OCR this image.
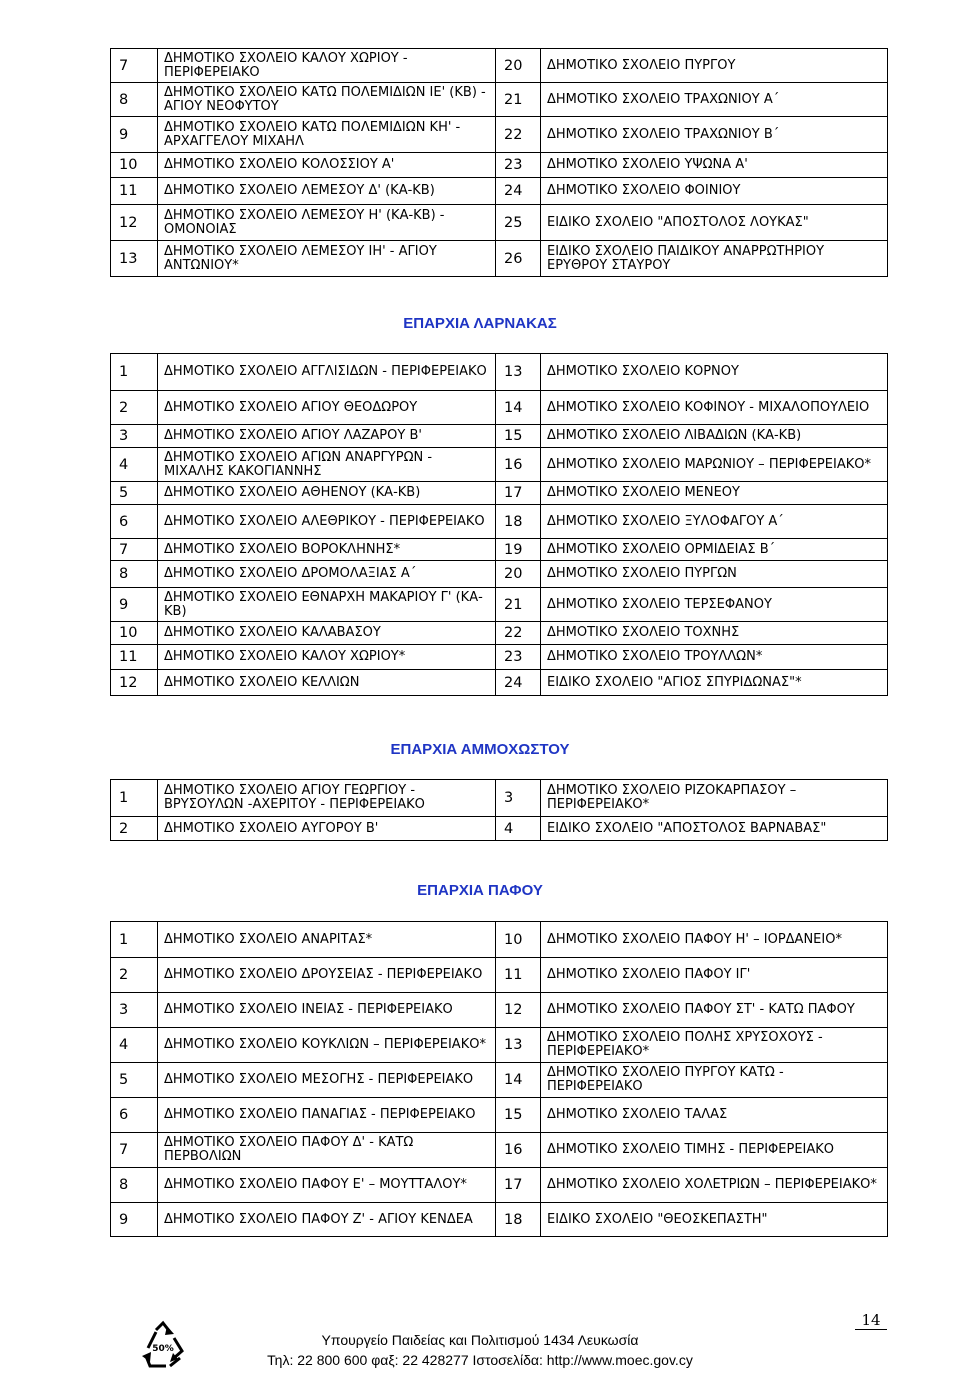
7	ΔΗΜΟΤΙΚΟ ΣΧΟΛΕΙΟ ΚΑΛΟΥ ΧΩΡΙΟΥ - ΠΕΡΙΦΕΡΕΙΑΚΟ	20	ΔΗΜΟΤΙΚΟ ΣΧΟΛΕΙΟ ΠΥΡΓΟΥ
8	ΔΗΜΟΤΙΚΟ ΣΧΟΛΕΙΟ ΚΑΤΩ ΠΟΛΕΜΙΔΙΩΝ ΙΕ' (ΚΒ) - ΑΓΙΟΥ ΝΕΟΦΥΤΟΥ	21	ΔΗΜΟΤΙΚΟ ΣΧΟΛΕΙΟ ΤΡΑΧΩΝΙΟΥ Α΄
9	ΔΗΜΟΤΙΚΟ ΣΧΟΛΕΙΟ ΚΑΤΩ ΠΟΛΕΜΙΔΙΩΝ ΚΗ' - ΑΡΧΑΓΓΕΛΟΥ ΜΙΧΑΗΛ	22	ΔΗΜΟΤΙΚΟ ΣΧΟΛΕΙΟ ΤΡΑΧΩΝΙΟΥ Β΄
10	ΔΗΜΟΤΙΚΟ ΣΧΟΛΕΙΟ ΚΟΛΟΣΣΙΟΥ Α'	23	ΔΗΜΟΤΙΚΟ ΣΧΟΛΕΙΟ ΥΨΩΝΑ Α'
11	ΔΗΜΟΤΙΚΟ ΣΧΟΛΕΙΟ ΛΕΜΕΣΟΥ Δ' (ΚΑ-ΚΒ)	24	ΔΗΜΟΤΙΚΟ ΣΧΟΛΕΙΟ ΦΟΙΝΙΟΥ
12	ΔΗΜΟΤΙΚΟ ΣΧΟΛΕΙΟ ΛΕΜΕΣΟΥ Η' (ΚΑ-ΚΒ) - ΟΜΟΝΟΙΑΣ	25	ΕΙΔΙΚΟ ΣΧΟΛΕΙΟ "ΑΠΟΣΤΟΛΟΣ ΛΟΥΚΑΣ"
13	ΔΗΜΟΤΙΚΟ ΣΧΟΛΕΙΟ ΛΕΜΕΣΟΥ ΙΗ' - ΑΓΙΟΥ ΑΝΤΩΝΙΟΥ*	26	ΕΙΔΙΚΟ ΣΧΟΛΕΙΟ ΠΑΙΔΙΚΟΥ ΑΝΑΡΡΩΤΗΡΙΟΥ ΕΡΥΘΡΟΥ ΣΤΑΥΡΟΥ
ΕΠΑΡΧΙΑ ΛΑΡΝΑΚΑΣ
1	ΔΗΜΟΤΙΚΟ ΣΧΟΛΕΙΟ ΑΓΓΛΙΣΙΔΩΝ - ΠΕΡΙΦΕΡΕΙΑΚΟ	13	ΔΗΜΟΤΙΚΟ ΣΧΟΛΕΙΟ ΚΟΡΝΟΥ
2	ΔΗΜΟΤΙΚΟ ΣΧΟΛΕΙΟ ΑΓΙΟΥ ΘΕΟΔΩΡΟΥ	14	ΔΗΜΟΤΙΚΟ ΣΧΟΛΕΙΟ ΚΟΦΙΝΟΥ - ΜΙΧΑΛΟΠΟΥΛΕΙΟ
3	ΔΗΜΟΤΙΚΟ ΣΧΟΛΕΙΟ ΑΓΙΟΥ ΛΑΖΑΡΟΥ Β'	15	ΔΗΜΟΤΙΚΟ ΣΧΟΛΕΙΟ ΛΙΒΑΔΙΩΝ (ΚΑ-ΚΒ)
4	ΔΗΜΟΤΙΚΟ ΣΧΟΛΕΙΟ ΑΓΙΩΝ ΑΝΑΡΓΥΡΩΝ - ΜΙΧΑΛΗΣ ΚΑΚΟΓΙΑΝΝΗΣ	16	ΔΗΜΟΤΙΚΟ ΣΧΟΛΕΙΟ ΜΑΡΩΝΙΟΥ – ΠΕΡΙΦΕΡΕΙΑΚΟ*
5	ΔΗΜΟΤΙΚΟ ΣΧΟΛΕΙΟ ΑΘΗΕΝΟΥ (ΚΑ-ΚΒ)	17	ΔΗΜΟΤΙΚΟ ΣΧΟΛΕΙΟ ΜΕΝΕΟΥ
6	ΔΗΜΟΤΙΚΟ ΣΧΟΛΕΙΟ ΑΛΕΘΡΙΚΟΥ - ΠΕΡΙΦΕΡΕΙΑΚΟ	18	ΔΗΜΟΤΙΚΟ ΣΧΟΛΕΙΟ ΞΥΛΟΦΑΓΟΥ Α΄
7	ΔΗΜΟΤΙΚΟ ΣΧΟΛΕΙΟ ΒΟΡΟΚΛΗΝΗΣ*	19	ΔΗΜΟΤΙΚΟ ΣΧΟΛΕΙΟ ΟΡΜΙΔΕΙΑΣ Β΄
8	ΔΗΜΟΤΙΚΟ ΣΧΟΛΕΙΟ ΔΡΟΜΟΛΑΞΙΑΣ Α΄	20	ΔΗΜΟΤΙΚΟ ΣΧΟΛΕΙΟ ΠΥΡΓΩΝ
9	ΔΗΜΟΤΙΚΟ ΣΧΟΛΕΙΟ ΕΘΝΑΡΧΗ ΜΑΚΑΡΙΟΥ Γ' (ΚΑ-ΚΒ)	21	ΔΗΜΟΤΙΚΟ ΣΧΟΛΕΙΟ ΤΕΡΣΕΦΑΝΟΥ
10	ΔΗΜΟΤΙΚΟ ΣΧΟΛΕΙΟ ΚΑΛΑΒΑΣΟΥ	22	ΔΗΜΟΤΙΚΟ ΣΧΟΛΕΙΟ ΤΟΧΝΗΣ
11	ΔΗΜΟΤΙΚΟ ΣΧΟΛΕΙΟ ΚΑΛΟΥ ΧΩΡΙΟΥ*	23	ΔΗΜΟΤΙΚΟ ΣΧΟΛΕΙΟ ΤΡΟΥΛΛΩΝ*
12	ΔΗΜΟΤΙΚΟ ΣΧΟΛΕΙΟ ΚΕΛΛΙΩΝ	24	ΕΙΔΙΚΟ ΣΧΟΛΕΙΟ "ΑΓΙΟΣ ΣΠΥΡΙΔΩΝΑΣ"*
ΕΠΑΡΧΙΑ ΑΜΜΟΧΩΣΤΟΥ
1	ΔΗΜΟΤΙΚΟ ΣΧΟΛΕΙΟ ΑΓΙΟΥ ΓΕΩΡΓΙΟΥ - ΒΡΥΣΟΥΛΩΝ -ΑΧΕΡΙΤΟΥ - ΠΕΡΙΦΕΡΕΙΑΚΟ	3	ΔΗΜΟΤΙΚΟ ΣΧΟΛΕΙΟ ΡΙΖΟΚΑΡΠΑΣΟΥ – ΠΕΡΙΦΕΡΕΙΑΚΟ*
2	ΔΗΜΟΤΙΚΟ ΣΧΟΛΕΙΟ ΑΥΓΟΡΟΥ Β'	4	ΕΙΔΙΚΟ ΣΧΟΛΕΙΟ "ΑΠΟΣΤΟΛΟΣ ΒΑΡΝΑΒΑΣ"
ΕΠΑΡΧΙΑ ΠΑΦΟΥ
1	ΔΗΜΟΤΙΚΟ ΣΧΟΛΕΙΟ ΑΝΑΡΙΤΑΣ*	10	ΔΗΜΟΤΙΚΟ ΣΧΟΛΕΙΟ ΠΑΦΟΥ Η' – ΙΟΡΔΑΝΕΙΟ*
2	ΔΗΜΟΤΙΚΟ ΣΧΟΛΕΙΟ ΔΡΟΥΣΕΙΑΣ - ΠΕΡΙΦΕΡΕΙΑΚΟ	11	ΔΗΜΟΤΙΚΟ ΣΧΟΛΕΙΟ ΠΑΦΟΥ ΙΓ'
3	ΔΗΜΟΤΙΚΟ ΣΧΟΛΕΙΟ ΙΝΕΙΑΣ - ΠΕΡΙΦΕΡΕΙΑΚΟ	12	ΔΗΜΟΤΙΚΟ ΣΧΟΛΕΙΟ ΠΑΦΟΥ ΣΤ' - ΚΑΤΩ ΠΑΦΟΥ
4	ΔΗΜΟΤΙΚΟ ΣΧΟΛΕΙΟ ΚΟΥΚΛΙΩΝ – ΠΕΡΙΦΕΡΕΙΑΚΟ*	13	ΔΗΜΟΤΙΚΟ ΣΧΟΛΕΙΟ ΠΟΛΗΣ ΧΡΥΣΟΧΟΥΣ - ΠΕΡΙΦΕΡΕΙΑΚΟ*
5	ΔΗΜΟΤΙΚΟ ΣΧΟΛΕΙΟ ΜΕΣΟΓΗΣ - ΠΕΡΙΦΕΡΕΙΑΚΟ	14	ΔΗΜΟΤΙΚΟ ΣΧΟΛΕΙΟ ΠΥΡΓΟΥ ΚΑΤΩ - ΠΕΡΙΦΕΡΕΙΑΚΟ
6	ΔΗΜΟΤΙΚΟ ΣΧΟΛΕΙΟ ΠΑΝΑΓΙΑΣ - ΠΕΡΙΦΕΡΕΙΑΚΟ	15	ΔΗΜΟΤΙΚΟ ΣΧΟΛΕΙΟ ΤΑΛΑΣ
7	ΔΗΜΟΤΙΚΟ ΣΧΟΛΕΙΟ ΠΑΦΟΥ Δ' - ΚΑΤΩ ΠΕΡΒΟΛΙΩΝ	16	ΔΗΜΟΤΙΚΟ ΣΧΟΛΕΙΟ ΤΙΜΗΣ - ΠΕΡΙΦΕΡΕΙΑΚΟ
8	ΔΗΜΟΤΙΚΟ ΣΧΟΛΕΙΟ ΠΑΦΟΥ Ε' – ΜΟΥΤΤΑΛΟΥ*	17	ΔΗΜΟΤΙΚΟ ΣΧΟΛΕΙΟ ΧΟΛΕΤΡΙΩΝ – ΠΕΡΙΦΕΡΕΙΑΚΟ*
9	ΔΗΜΟΤΙΚΟ ΣΧΟΛΕΙΟ ΠΑΦΟΥ Ζ' - ΑΓΙΟΥ ΚΕΝΔΕΑ	18	ΕΙΔΙΚΟ ΣΧΟΛΕΙΟ "ΘΕΟΣΚΕΠΑΣΤΗ"
14
50%
Υπουργείο Παιδείας και Πολιτισμού 1434 Λευκωσία
Τηλ: 22 800 600 φαξ: 22 428277 Ιστοσελίδα: http://www.moec.gov.cy
